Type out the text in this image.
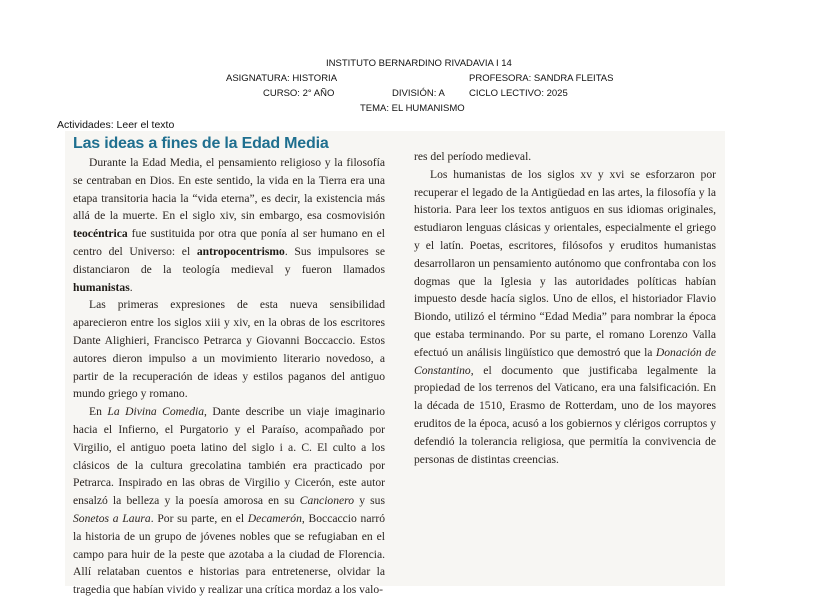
INSTITUTO BERNARDINO RIVADAVIA I 14
ASIGNATURA: HISTORIA	PROFESORA: SANDRA FLEITAS
CURSO: 2° AÑO	DIVISIÓN: A	CICLO LECTIVO: 2025
TEMA: EL HUMANISMO
Actividades: Leer el texto
Las ideas a fines de la Edad Media

Durante la Edad Media, el pensamiento religioso y la filosofía se centraban en Dios. En este sentido, la vida en la Tierra era una etapa transitoria hacia la “vida eterna”, es decir, la existencia más allá de la muerte. En el siglo xiv, sin embargo, esa cosmovisión teocéntrica fue sustituida por otra que ponía al ser humano en el centro del Universo: el antropocentrismo. Sus impulsores se distanciaron de la teología medieval y fueron llamados humanistas.

Las primeras expresiones de esta nueva sensibilidad aparecieron entre los siglos xiii y xiv, en la obras de los escritores Dante Alighieri, Francisco Petrarca y Giovanni Boccaccio. Estos autores dieron impulso a un movimiento literario novedoso, a partir de la recuperación de ideas y estilos paganos del antiguo mundo griego y romano.

En La Divina Comedia, Dante describe un viaje imaginario hacia el Infierno, el Purgatorio y el Paraíso, acompañado por Virgilio, el antiguo poeta latino del siglo i a. C. El culto a los clásicos de la cultura grecolatina también era practicado por Petrarca. Inspirado en las obras de Virgilio y Cicerón, este autor ensalzó la belleza y la poesía amorosa en su Cancionero y sus Sonetos a Laura. Por su parte, en el Decamerón, Boccaccio narró la historia de un grupo de jóvenes nobles que se refugiaban en el campo para huir de la peste que azotaba a la ciudad de Florencia. Allí relataban cuentos e historias para entretenerse, olvidar la tragedia que habían vivido y realizar una crítica mordaz a los valo-

res del período medieval.

Los humanistas de los siglos xv y xvi se esforzaron por recuperar el legado de la Antigüedad en las artes, la filosofía y la historia. Para leer los textos antiguos en sus idiomas originales, estudiaron lenguas clásicas y orientales, especialmente el griego y el latín. Poetas, escritores, filósofos y eruditos humanistas desarrollaron un pensamiento autónomo que confrontaba con los dogmas que la Iglesia y las autoridades políticas habían impuesto desde hacía siglos. Uno de ellos, el historiador Flavio Biondo, utilizó el término “Edad Media” para nombrar la época que estaba terminando. Por su parte, el romano Lorenzo Valla efectuó un análisis lingüístico que demostró que la Donación de Constantino, el documento que justificaba legalmente la propiedad de los terrenos del Vaticano, era una falsificación. En la década de 1510, Erasmo de Rotterdam, uno de los mayores eruditos de la época, acusó a los gobiernos y clérigos corruptos y defendió la tolerancia religiosa, que permitía la convivencia de personas de distintas creencias.
